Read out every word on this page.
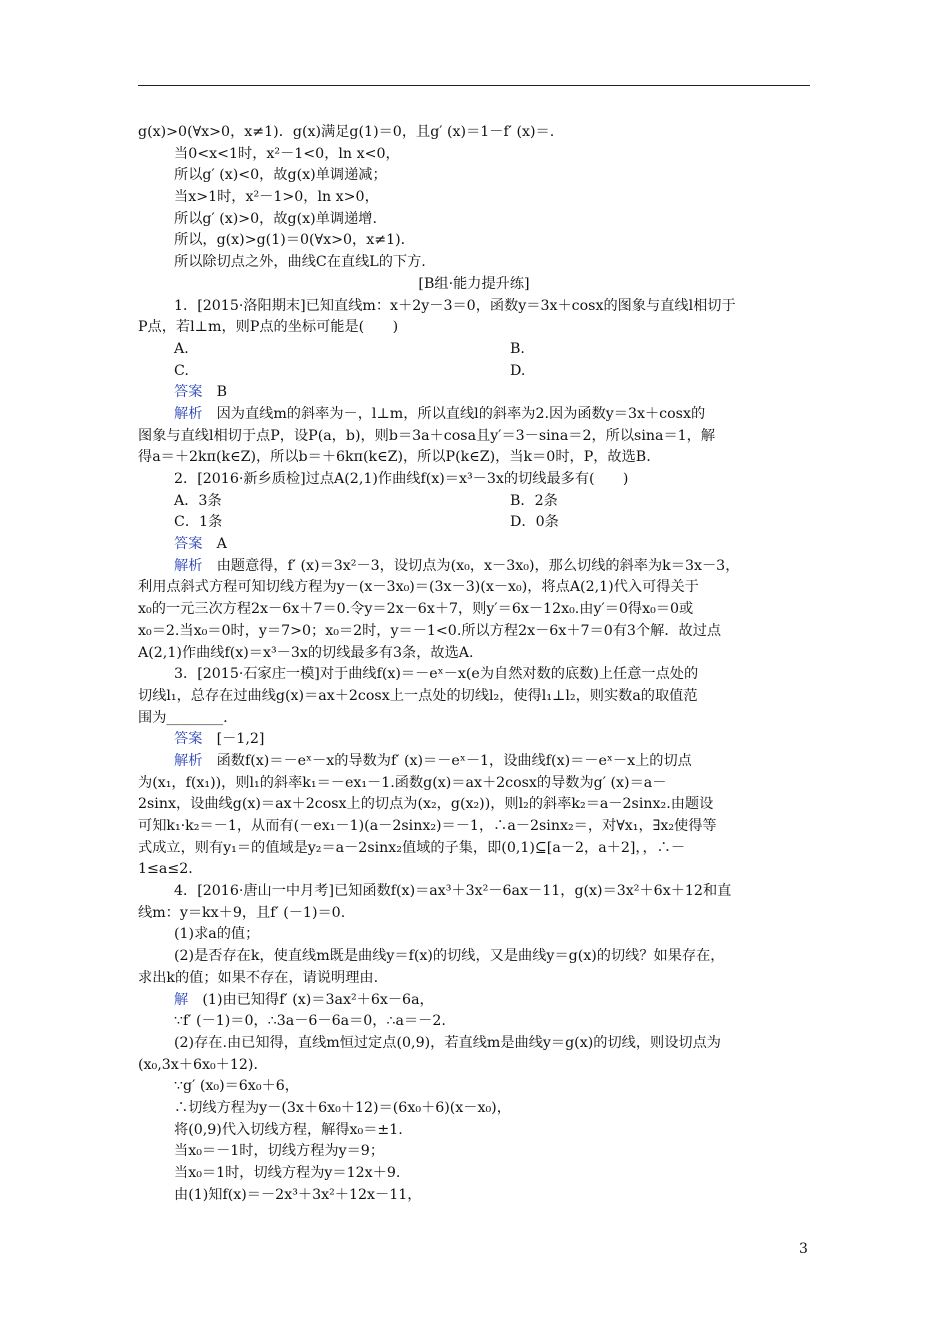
g(x)>0(∀x>0，x≠1)．g(x)满足g(1)＝0，且g′ (x)＝1－f′ (x)＝.
当0<x<1时，x²－1<0，ln x<0，
所以g′ (x)<0，故g(x)单调递减；
当x>1时，x²－1>0，ln x>0，
所以g′ (x)>0，故g(x)单调递增.
所以，g(x)>g(1)＝0(∀x>0，x≠1)．
所以除切点之外，曲线C在直线L的下方.
[B组·能力提升练]
1．[2015·洛阳期末]已知直线m：x＋2y－3＝0，函数y＝3x＋cosx的图象与直线l相切于
P点，若l⊥m，则P点的坐标可能是(　　)
A.	B.
C.	D.
答案　B
解析　因为直线m的斜率为－，l⊥m，所以直线l的斜率为2.因为函数y＝3x＋cosx的
图象与直线l相切于点P，设P(a，b)，则b＝3a＋cosa且y′＝3－sina＝2，所以sina＝1，解
得a＝＋2kπ(k∈Z)，所以b＝＋6kπ(k∈Z)，所以P(k∈Z)，当k＝0时，P，故选B.
2．[2016·新乡质检]过点A(2,1)作曲线f(x)＝x³－3x的切线最多有(　　)
A．3条	B．2条
C．1条	D．0条
答案　A
解析　由题意得，f′ (x)＝3x²－3，设切点为(x₀，x－3x₀)，那么切线的斜率为k＝3x－3，
利用点斜式方程可知切线方程为y－(x－3x₀)＝(3x－3)(x－x₀)，将点A(2,1)代入可得关于
x₀的一元三次方程2x－6x＋7＝0.令y＝2x－6x＋7，则y′＝6x－12x₀.由y′＝0得x₀＝0或
x₀＝2.当x₀＝0时，y＝7>0；x₀＝2时，y＝－1<0.所以方程2x－6x＋7＝0有3个解．故过点
A(2,1)作曲线f(x)＝x³－3x的切线最多有3条，故选A.
3．[2015·石家庄一模]对于曲线f(x)＝－eˣ－x(e为自然对数的底数)上任意一点处的
切线l₁，总存在过曲线g(x)＝ax＋2cosx上一点处的切线l₂，使得l₁⊥l₂，则实数a的取值范
围为________.
答案　[－1,2]
解析　函数f(x)＝－eˣ－x的导数为f′ (x)＝－eˣ－1，设曲线f(x)＝－eˣ－x上的切点
为(x₁，f(x₁))，则l₁的斜率k₁＝－ex₁－1.函数g(x)＝ax＋2cosx的导数为g′ (x)＝a－
2sinx，设曲线g(x)＝ax＋2cosx上的切点为(x₂，g(x₂))，则l₂的斜率k₂＝a－2sinx₂.由题设
可知k₁·k₂＝－1，从而有(－ex₁－1)(a－2sinx₂)＝－1，∴a－2sinx₂＝，对∀x₁，∃x₂使得等
式成立，则有y₁＝的值域是y₂＝a－2sinx₂值域的子集，即(0,1)⊆[a－2，a＋2]，，∴－
1≤a≤2.
4．[2016·唐山一中月考]已知函数f(x)＝ax³＋3x²－6ax－11，g(x)＝3x²＋6x＋12和直
线m：y＝kx＋9，且f′ (－1)＝0.
(1)求a的值；
(2)是否存在k，使直线m既是曲线y＝f(x)的切线，又是曲线y＝g(x)的切线？如果存在，
求出k的值；如果不存在，请说明理由.
解　(1)由已知得f′ (x)＝3ax²＋6x－6a，
∵f′ (－1)＝0，∴3a－6－6a＝0，∴a＝－2.
(2)存在.由已知得，直线m恒过定点(0,9)，若直线m是曲线y＝g(x)的切线，则设切点为
(x₀,3x＋6x₀＋12)．
∵g′ (x₀)＝6x₀＋6，
∴切线方程为y－(3x＋6x₀＋12)＝(6x₀＋6)(x－x₀)，
将(0,9)代入切线方程，解得x₀＝±1.
当x₀＝－1时，切线方程为y＝9；
当x₀＝1时，切线方程为y＝12x＋9.
由(1)知f(x)＝－2x³＋3x²＋12x－11，
3
